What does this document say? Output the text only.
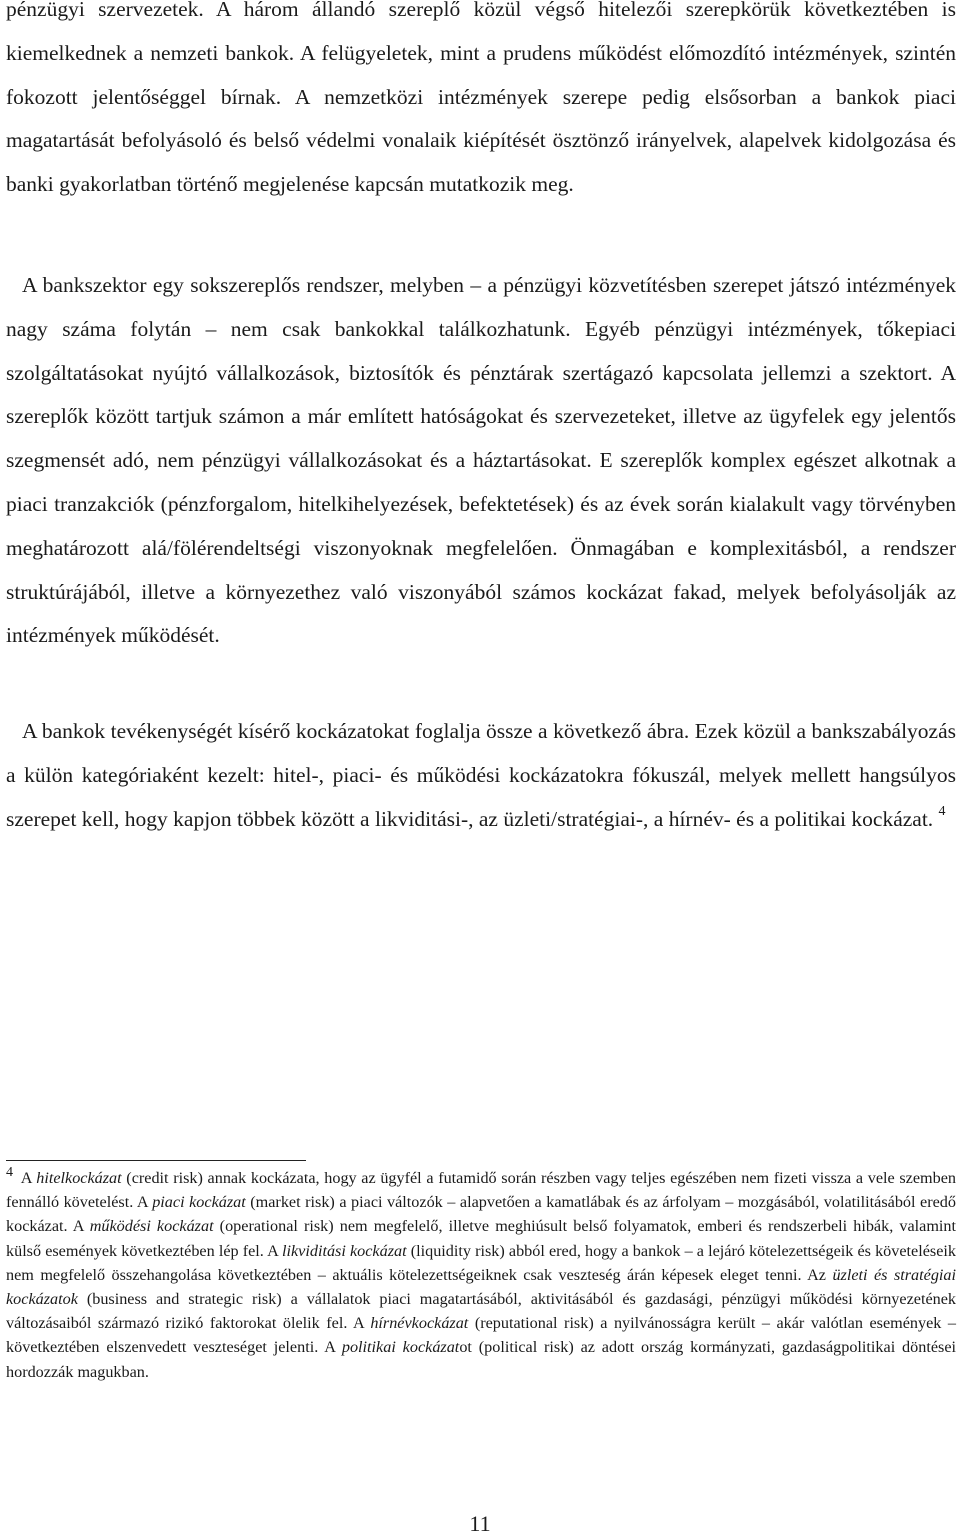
pénzügyi szervezetek. A három állandó szereplő közül végső hitelezői szerepkörük következtében is kiemelkednek a nemzeti bankok. A felügyeletek, mint a prudens működést előmozdító intézmények, szintén fokozott jelentőséggel bírnak. A nemzetközi intézmények szerepe pedig elsősorban a bankok piaci magatartását befolyásoló és belső védelmi vonalaik kiépítését ösztönző irányelvek, alapelvek kidolgozása és banki gyakorlatban történő megjelenése kapcsán mutatkozik meg.

A bankszektor egy sokszereplős rendszer, melyben – a pénzügyi közvetítésben szerepet játszó intézmények nagy száma folytán – nem csak bankokkal találkozhatunk. Egyéb pénzügyi intézmények, tőkepiaci szolgáltatásokat nyújtó vállalkozások, biztosítók és pénztárak szertágazó kapcsolata jellemzi a szektort. A szereplők között tartjuk számon a már említett hatóságokat és szervezeteket, illetve az ügyfelek egy jelentős szegmensét adó, nem pénzügyi vállalkozásokat és a háztartásokat. E szereplők komplex egészet alkotnak a piaci tranzakciók (pénzforgalom, hitelkihelyezések, befektetések) és az évek során kialakult vagy törvényben meghatározott alá/fölérendeltségi viszonyoknak megfelelően. Önmagában e komplexitásból, a rendszer struktúrájából, illetve a környezethez való viszonyából számos kockázat fakad, melyek befolyásolják az intézmények működését.

A bankok tevékenységét kísérő kockázatokat foglalja össze a következő ábra. Ezek közül a bankszabályozás a külön kategóriaként kezelt: hitel-, piaci- és működési kockázatokra fókuszál, melyek mellett hangsúlyos szerepet kell, hogy kapjon többek között a likviditási-, az üzleti/stratégiai-, a hírnév- és a politikai kockázat. $^4$

$^4$ A hitelkockázat (credit risk) annak kockázata, hogy az ügyfél a futamidő során részben vagy teljes egészében nem fizeti vissza a vele szemben fennálló követelést. A piaci kockázat (market risk) a piaci változók – alapvetően a kamatlábak és az árfolyam – mozgásából, volatilitásából eredő kockázat. A működési kockázat (operational risk) nem megfelelő, illetve meghiúsult belső folyamatok, emberi és rendszerbeli hibák, valamint külső események következtében lép fel. A likviditási kockázat (liquidity risk) abból ered, hogy a bankok – a lejáró kötelezettségeik és követeléseik nem megfelelő összehangolása következtében – aktuális kötelezettségeiknek csak veszteség árán képesek eleget tenni. Az üzleti és stratégiai kockázatok (business and strategic risk) a vállalatok piaci magatartásából, aktivitásából és gazdasági, pénzügyi működési környezetének változásaiból származó rizikó faktorokat ölelik fel. A hírnévkockázat (reputational risk) a nyilvánosságra került – akár valótlan események – következtében elszenvedett veszteséget jelenti. A politikai kockázatot (political risk) az adott ország kormányzati, gazdaságpolitikai döntései hordozzák magukban.

11
